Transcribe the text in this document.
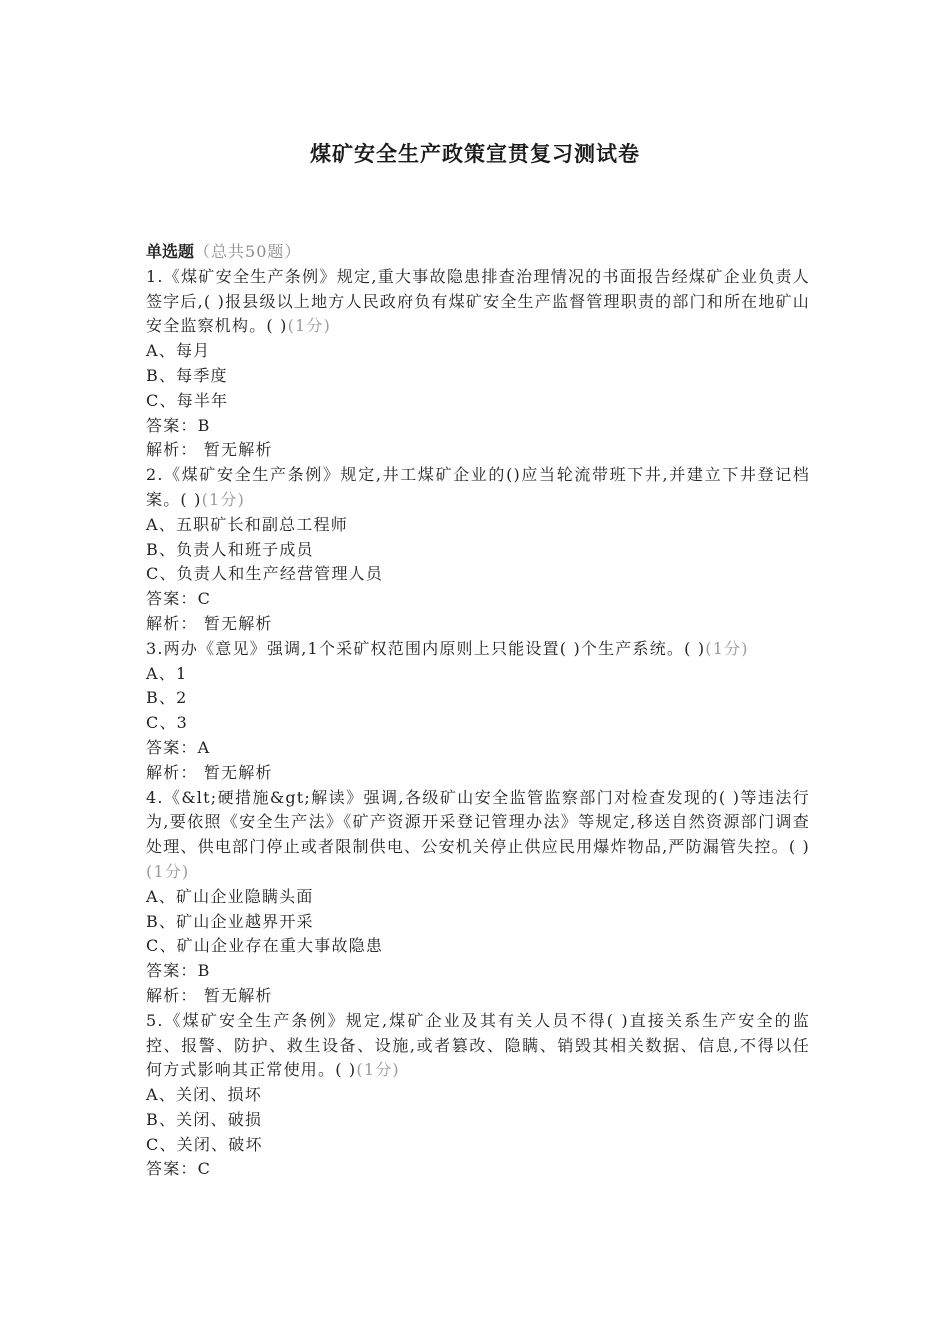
煤矿安全生产政策宣贯复习测试卷
单选题（总共50题）

1.《煤矿安全生产条例》规定,重大事故隐患排查治理情况的书面报告经煤矿企业负责人签字后,( )报县级以上地方人民政府负有煤矿安全生产监督管理职责的部门和所在地矿山安全监察机构。( )(1分)

A、每月

B、每季度

C、每半年

答案：B

解析： 暂无解析

2.《煤矿安全生产条例》规定,井工煤矿企业的()应当轮流带班下井,并建立下井登记档案。( )(1分)

A、五职矿长和副总工程师

B、负责人和班子成员

C、负责人和生产经营管理人员

答案：C

解析： 暂无解析

3.两办《意见》强调,1个采矿权范围内原则上只能设置( )个生产系统。( )(1分)

A、1

B、2

C、3

答案：A

解析： 暂无解析

4.《&lt;硬措施&gt;解读》强调,各级矿山安全监管监察部门对检查发现的( )等违法行为,要依照《安全生产法》《矿产资源开采登记管理办法》等规定,移送自然资源部门调查处理、供电部门停止或者限制供电、公安机关停止供应民用爆炸物品,严防漏管失控。( )(1分)

A、矿山企业隐瞒头面

B、矿山企业越界开采

C、矿山企业存在重大事故隐患

答案：B

解析： 暂无解析

5.《煤矿安全生产条例》规定,煤矿企业及其有关人员不得( )直接关系生产安全的监控、报警、防护、救生设备、设施,或者篡改、隐瞒、销毁其相关数据、信息,不得以任何方式影响其正常使用。( )(1分)

A、关闭、损坏

B、关闭、破损

C、关闭、破坏

答案：C
